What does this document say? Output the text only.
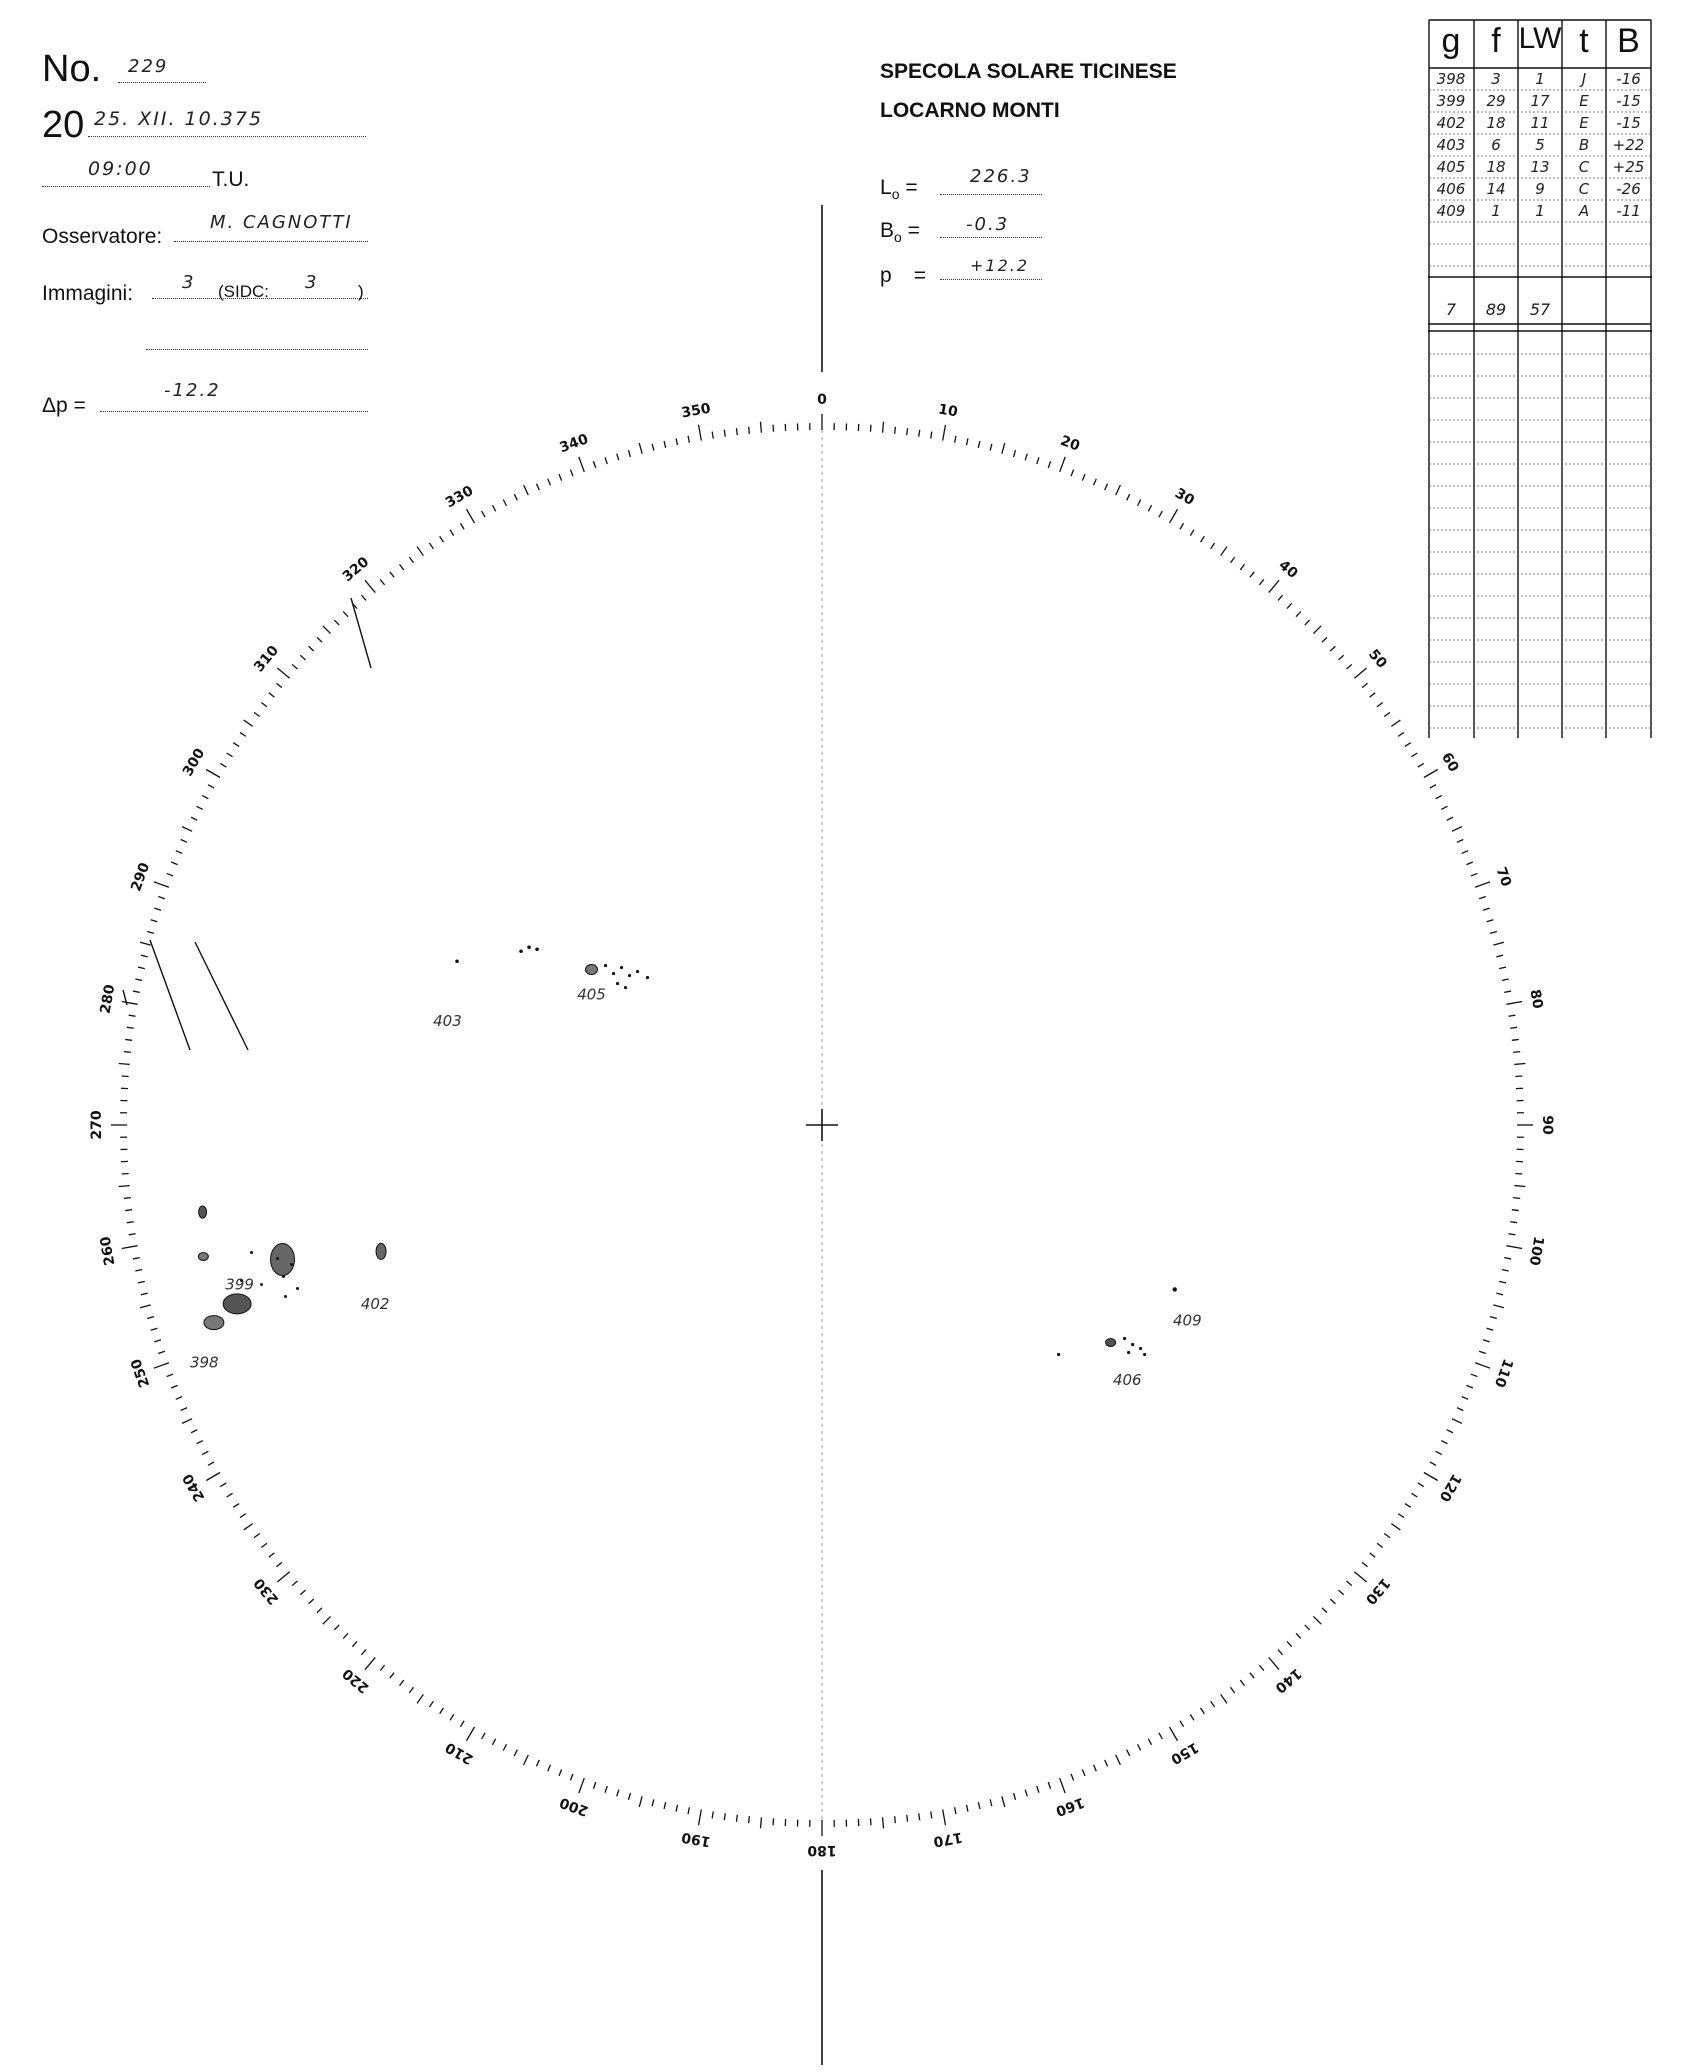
No. 229
20 25. XII. 10.375
09:00	T.U.
Osservatore:
M. CAGNOTTI
Immagini:	3 (SIDC: 3 )
Δp =
-12.2
SPECOLA SOLARE TICINESE
LOCARNO MONTI
$L_o$ =	226.3
$B_o$ =	-0.3
p =	+12.2
g f LW t B
398	3	1	J	-16
399	29	17	E	-15
402	18	11	E	-15
403	6	5	B	+22
405	18	13	C	+25
406	14	9	C	-26
409	1	1	A	-11
7	89	57
0
10
20
30
40
50
60
70
80
90
100
110
120
130
140
150
160
170
180
190
200
210
220
230
240
250
260
270
280
290
300
310
320
330
340
350
403
405
399
398
402
409
406
